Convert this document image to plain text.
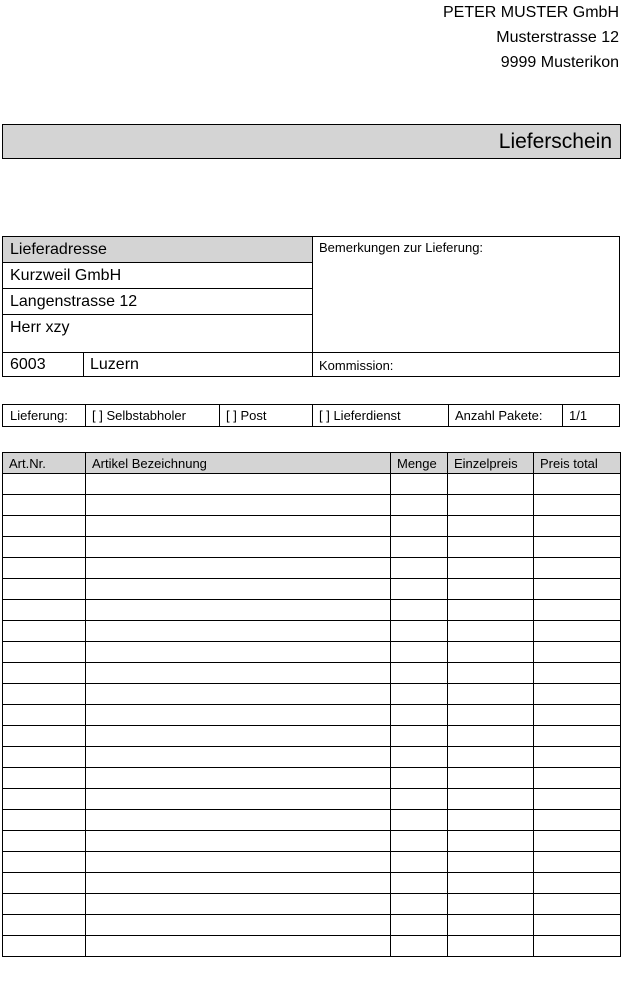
PETER MUSTER GmbH
Musterstrasse 12
9999 Musterikon
Lieferschein
Lieferadresse
Kurzweil GmbH
Langenstrasse 12
Herr xzy
6003	Luzern
Bemerkungen zur Lieferung:
Kommission:
Lieferung:	[ ] Selbstabholer	[ ] Post	[ ] Lieferdienst	Anzahl Pakete:	1/1
Art.Nr.	Artikel Bezeichnung	Menge	Einzelpreis	Preis total
